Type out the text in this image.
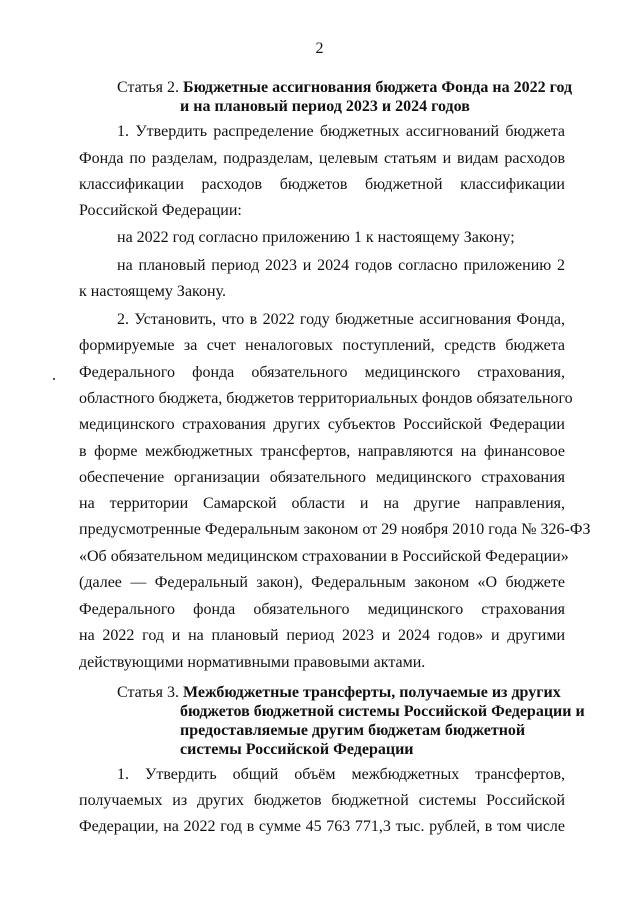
2
Статья 2. Бюджетные ассигнования бюджета Фонда на 2022 год
и на плановый период 2023 и 2024 годов
1. Утвердить распределение бюджетных ассигнований бюджета
Фонда по разделам, подразделам, целевым статьям и видам расходов
классификации расходов бюджетов бюджетной классификации
Российской Федерации:
на 2022 год согласно приложению 1 к настоящему Закону;
на плановый период 2023 и 2024 годов согласно приложению 2
к настоящему Закону.
2. Установить, что в 2022 году бюджетные ассигнования Фонда,
формируемые за счет неналоговых поступлений, средств бюджета
Федерального фонда обязательного медицинского страхования,
областного бюджета, бюджетов территориальных фондов обязательного
медицинского страхования других субъектов Российской Федерации
в форме межбюджетных трансфертов, направляются на финансовое
обеспечение организации обязательного медицинского страхования
на территории Самарской области и на другие направления,
предусмотренные Федеральным законом от 29 ноября 2010 года № 326-ФЗ
«Об обязательном медицинском страховании в Российской Федерации»
(далее — Федеральный закон), Федеральным законом «О бюджете
Федерального фонда обязательного медицинского страхования
на 2022 год и на плановый период 2023 и 2024 годов» и другими
действующими нормативными правовыми актами.
Статья 3. Межбюджетные трансферты, получаемые из других
бюджетов бюджетной системы Российской Федерации и
предоставляемые другим бюджетам бюджетной
системы Российской Федерации
1. Утвердить общий объём межбюджетных трансфертов,
получаемых из других бюджетов бюджетной системы Российской
Федерации, на 2022 год в сумме 45 763 771,3 тыс. рублей, в том числе
